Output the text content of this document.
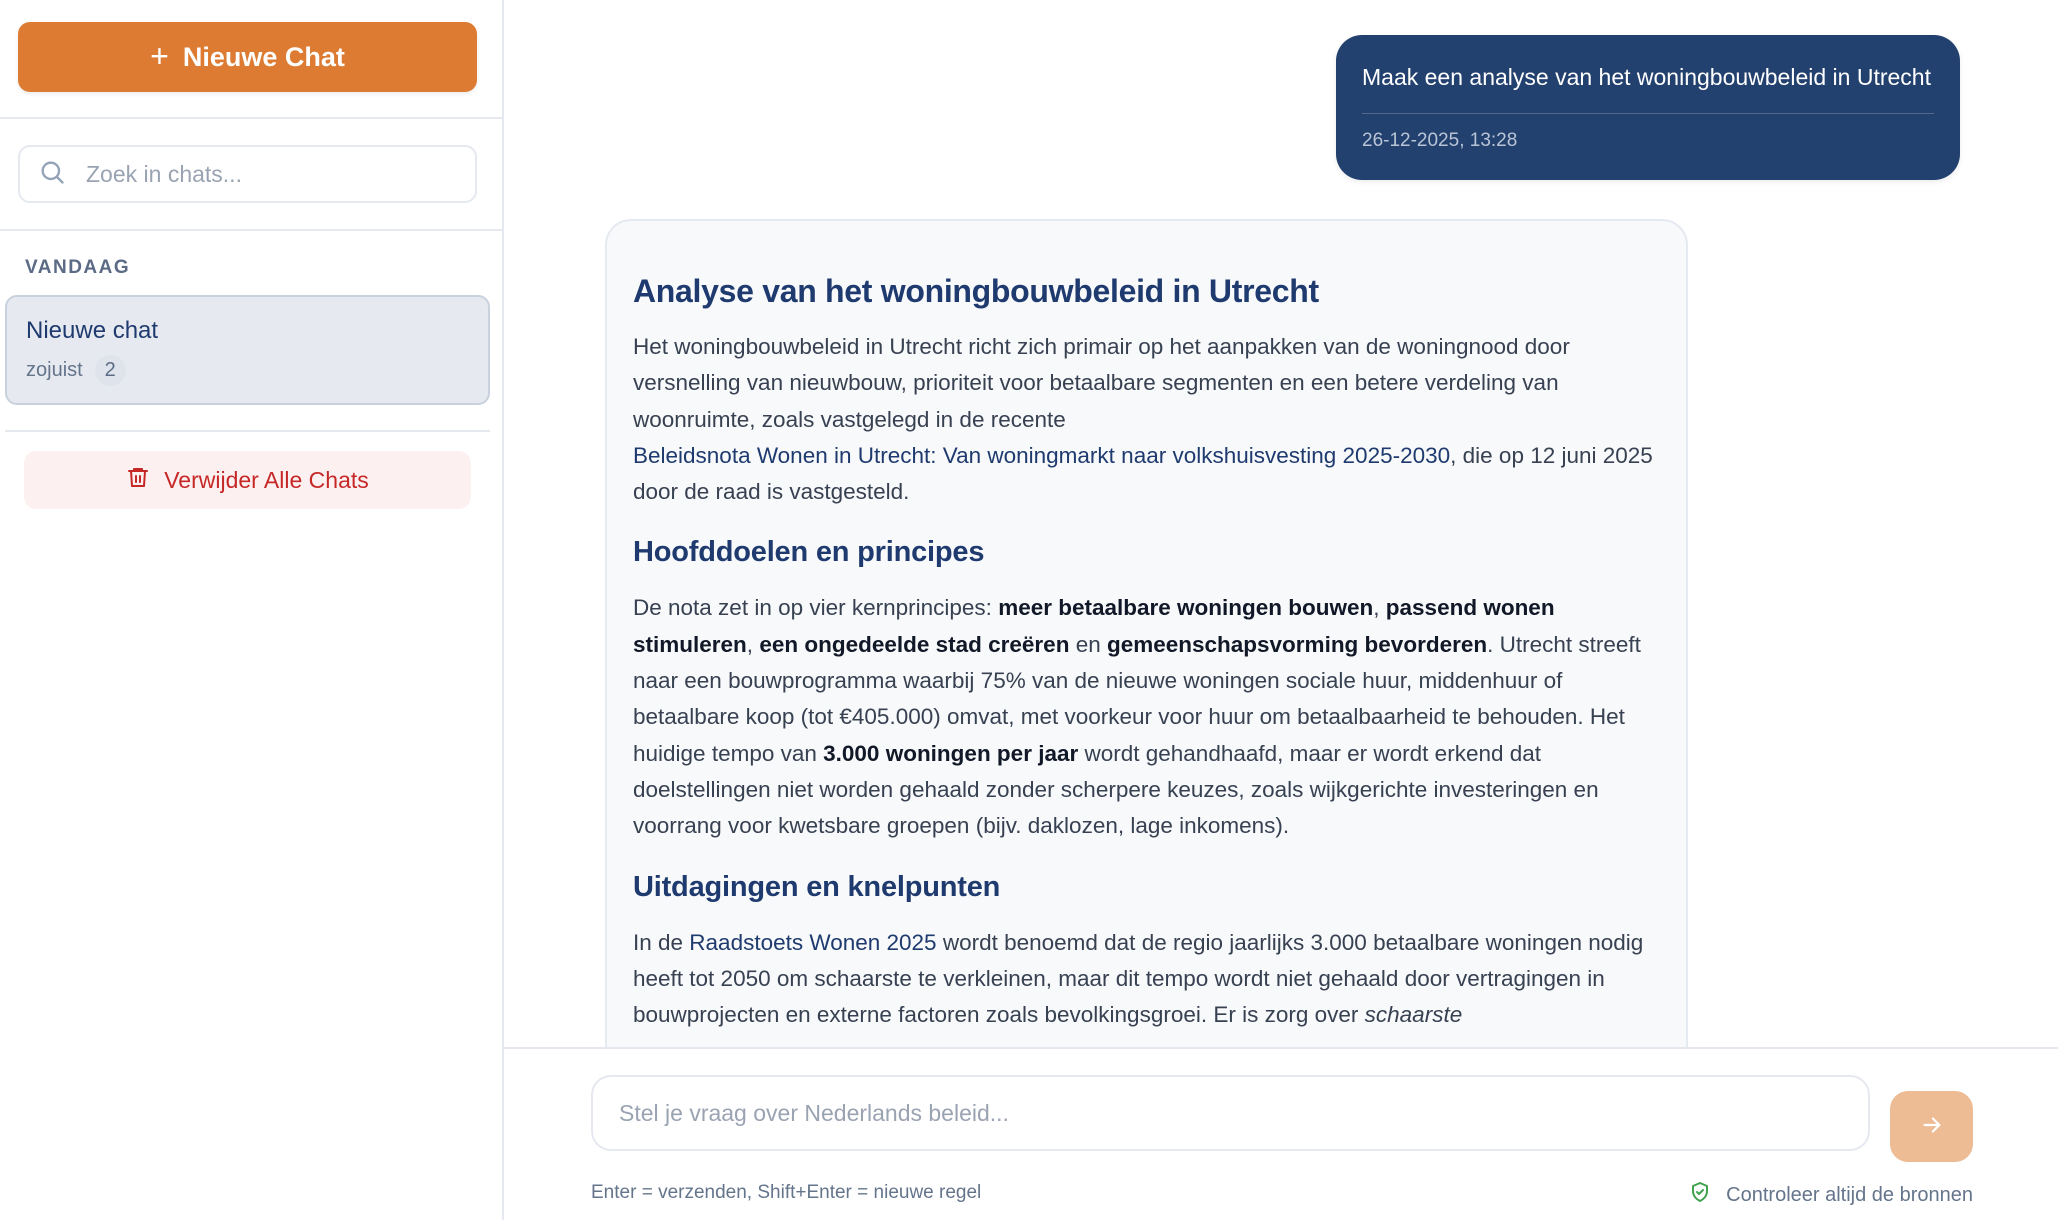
+ Nieuwe Chat
Zoek in chats...
VANDAAG
Nieuwe chat
zojuist	2
Verwijder Alle Chats
Maak een analyse van het woningbouwbeleid in Utrecht
26-12-2025, 13:28
Analyse van het woningbouwbeleid in Utrecht

Het woningbouwbeleid in Utrecht richt zich primair op het aanpakken van de woningnood door versnelling van nieuwbouw, prioriteit voor betaalbare segmenten en een betere verdeling van woonruimte, zoals vastgelegd in de recente
Beleidsnota Wonen in Utrecht: Van woningmarkt naar volkshuisvesting 2025-2030, die op 12 juni 2025 door de raad is vastgesteld.

Hoofddoelen en principes

De nota zet in op vier kernprincipes: meer betaalbare woningen bouwen, passend wonen stimuleren, een ongedeelde stad creëren en gemeenschapsvorming bevorderen. Utrecht streeft naar een bouwprogramma waarbij 75% van de nieuwe woningen sociale huur, middenhuur of betaalbare koop (tot €405.000) omvat, met voorkeur voor huur om betaalbaarheid te behouden. Het huidige tempo van 3.000 woningen per jaar wordt gehandhaafd, maar er wordt erkend dat doelstellingen niet worden gehaald zonder scherpere keuzes, zoals wijkgerichte investeringen en voorrang voor kwetsbare groepen (bijv. daklozen, lage inkomens).

Uitdagingen en knelpunten

In de Raadstoets Wonen 2025 wordt benoemd dat de regio jaarlijks 3.000 betaalbare woningen nodig heeft tot 2050 om schaarste te verkleinen, maar dit tempo wordt niet gehaald door vertragingen in bouwprojecten en externe factoren zoals bevolkingsgroei. Er is zorg over schaarste

Stel je vraag over Nederlands beleid...
Enter = verzenden, Shift+Enter = nieuwe regel	Controleer altijd de bronnen
